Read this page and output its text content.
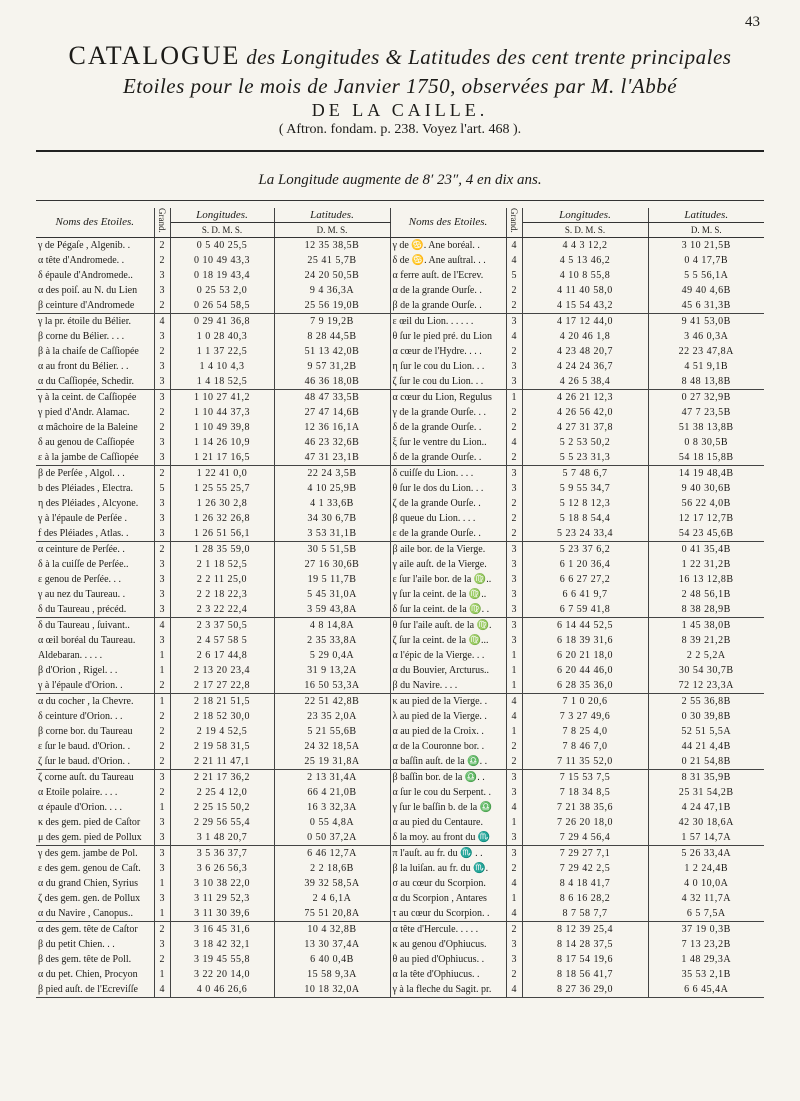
43
CATALOGUE des Longitudes & Latitudes des cent trente principales
Etoiles pour le mois de Janvier 1750, observées par M. l'Abbé
DE LA CAILLE.
( Aftron. fondam. p. 238. Voyez l'art. 468 ).
La Longitude augmente de 8′ 23″, 4 en dix ans.
Noms des Etoiles.	Grand.	Longitudes.	Latitudes.	Noms des Etoiles.	Grand.	Longitudes.	Latitudes.
		S. D. M. S.	D. M. S.			S. D. M. S.	D. M. S.
γ de Pégaſe , Algenib. .	2	0 5 40 25,5	12 35 38,5B	γ de ♋. Ane boréal. .	4	4 4 3 12,2	3 10 21,5B
α tête d'Andromede. .	2	0 10 49 43,3	25 41 5,7B	δ de ♋. Ane auſtral. . .	4	4 5 13 46,2	0 4 17,7B
δ épaule d'Andromede..	3	0 18 19 43,4	24 20 50,5B	α ferre auſt. de l'Ecrev.	5	4 10 8 55,8	5 5 56,1A
α des poiſ. au N. du Lien	3	0 25 53 2,0	9 4 36,3A	α de la grande Ourſe. .	2	4 11 40 58,0	49 40 4,6B
β ceinture d'Andromede	2	0 26 54 58,5	25 56 19,0B	β de la grande Ourſe. .	2	4 15 54 43,2	45 6 31,3B
γ la pr. étoile du Bélier.	4	0 29 41 36,8	7 9 19,2B	ε œil du Lion. . . . . .	3	4 17 12 44,0	9 41 53,0B
β corne du Bélier. . . .	3	1 0 28 40,3	8 28 44,5B	θ ſur le pied pré. du Lion	4	4 20 46 1,8	3 46 0,3A
β à la chaiſe de Caſſiopée	2	1 1 37 22,5	51 13 42,0B	α cœur de l'Hydre. . . .	2	4 23 48 20,7	22 23 47,8A
α au front du Bélier. . .	3	1 4 10 4,3	9 57 31,2B	η ſur le cou du Lion. . .	3	4 24 24 36,7	4 51 9,1B
α du Caſſiopée, Schedir.	3	1 4 18 52,5	46 36 18,0B	ζ ſur le cou du Lion. . .	3	4 26 5 38,4	8 48 13,8B
γ à la ceint. de Caſſiopée	3	1 10 27 41,2	48 47 33,5B	α cœur du Lion, Regulus	1	4 26 21 12,3	0 27 32,9B
γ pied d'Andr. Alamac.	2	1 10 44 37,3	27 47 14,6B	γ de la grande Ourſe. . .	2	4 26 56 42,0	47 7 23,5B
α mâchoire de la Baleine	2	1 10 49 39,8	12 36 16,1A	δ de la grande Ourſe. .	2	4 27 31 37,8	51 38 13,8B
δ au genou de Caſſiopée	3	1 14 26 10,9	46 23 32,6B	ξ ſur le ventre du Lion..	4	5 2 53 50,2	0 8 30,5B
ε à la jambe de Caſſiopée	3	1 21 17 16,5	47 31 23,1B	δ de la grande Ourſe. .	2	5 5 23 31,3	54 18 15,8B
β de Perſée , Algol. . .	2	1 22 41 0,0	22 24 3,5B	δ cuiſſe du Lion. . . .	3	5 7 48 6,7	14 19 48,4B
b des Pléiades , Electra.	5	1 25 55 25,7	4 10 25,9B	θ ſur le dos du Lion. . .	3	5 9 55 34,7	9 40 30,6B
η des Pléiades , Alcyone.	3	1 26 30 2,8	4 1 33,6B	ζ de la grande Ourſe. .	2	5 12 8 12,3	56 22 4,0B
γ à l'épaule de Perſée .	3	1 26 32 26,8	34 30 6,7B	β queue du Lion. . . .	2	5 18 8 54,4	12 17 12,7B
f des Pléiades , Atlas. .	3	1 26 51 56,1	3 53 31,1B	ε de la grande Ourſe. .	2	5 23 24 33,4	54 23 45,6B
α ceinture de Perſée. .	2	1 28 35 59,0	30 5 51,5B	β aile bor. de la Vierge.	3	5 23 37 6,2	0 41 35,4B
δ à la cuiſſe de Perſée..	3	2 1 18 52,5	27 16 30,6B	γ aile auſt. de la Vierge.	3	6 1 20 36,4	1 22 31,2B
ε genou de Perſée. . .	3	2 2 11 25,0	19 5 11,7B	ε ſur l'aile bor. de la ♍..	3	6 6 27 27,2	16 13 12,8B
γ au nez du Taureau. .	3	2 2 18 22,3	5 45 31,0A	γ ſur la ceint. de la ♍..	3	6 6 41 9,7	2 48 56,1B
δ du Taureau , précéd.	3	2 3 22 22,4	3 59 43,8A	δ ſur la ceint. de la ♍. .	3	6 7 59 41,8	8 38 28,9B
δ du Taureau , ſuivant..	4	2 3 37 50,5	4 8 14,8A	θ ſur l'aile auſt. de la ♍.	3	6 14 44 52,5	1 45 38,0B
α œil boréal du Taureau.	3	2 4 57 58 5	2 35 33,8A	ζ ſur la ceint. de la ♍...	3	6 18 39 31,6	8 39 21,2B
Aldebaran. . . . .	1	2 6 17 44,8	5 29 0,4A	α l'épic de la Vierge. . .	1	6 20 21 18,0	2 2 5,2A
β d'Orion , Rigel. . .	1	2 13 20 23,4	31 9 13,2A	α du Bouvier, Arcturus..	1	6 20 44 46,0	30 54 30,7B
γ à l'épaule d'Orion. .	2	2 17 27 22,8	16 50 53,3A	β du Navire. . . .	1	6 28 35 36,0	72 12 23,3A
α du cocher , la Chevre.	1	2 18 21 51,5	22 51 42,8B	κ au pied de la Vierge. .	4	7 1 0 20,6	2 55 36,8B
δ ceinture d'Orion. . .	2	2 18 52 30,0	23 35 2,0A	λ au pied de la Vierge. .	4	7 3 27 49,6	0 30 39,8B
β corne bor. du Taureau	2	2 19 4 52,5	5 21 55,6B	α au pied de la Croix. .	1	7 8 25 4,0	52 51 5,5A
ε ſur le baud. d'Orion. .	2	2 19 58 31,5	24 32 18,5A	α de la Couronne bor. .	2	7 8 46 7,0	44 21 4,4B
ζ ſur le baud. d'Orion. .	2	2 21 11 47,1	25 19 31,8A	α baſſin auſt. de la ♎. .	2	7 11 35 52,0	0 21 54,8B
ζ corne auſt. du Taureau	3	2 21 17 36,2	2 13 31,4A	β baſſin bor. de la ♎. .	3	7 15 53 7,5	8 31 35,9B
α Etoile polaire. . . .	2	2 25 4 12,0	66 4 21,0B	α ſur le cou du Serpent. .	3	7 18 34 8,5	25 31 54,2B
α épaule d'Orion. . . .	1	2 25 15 50,2	16 3 32,3A	γ ſur le baſſin b. de la ♎	4	7 21 38 35,6	4 24 47,1B
κ des gem. pied de Caſtor	3	2 29 56 55,4	0 55 4,8A	α au pied du Centaure.	1	7 26 20 18,0	42 30 18,6A
μ des gem. pied de Pollux	3	3 1 48 20,7	0 50 37,2A	δ la moy. au front du ♏	3	7 29 4 56,4	1 57 14,7A
γ des gem. jambe de Pol.	3	3 5 36 37,7	6 46 12,7A	π l'auſt. au fr. du ♏ . .	3	7 29 27 7,1	5 26 33,4A
ε des gem. genou de Caſt.	3	3 6 26 56,3	2 2 18,6B	β la luiſan. au fr. du ♏.	2	7 29 42 2,5	1 2 24,4B
α du grand Chien, Syrius	1	3 10 38 22,0	39 32 58,5A	σ au cœur du Scorpion.	4	8 4 18 41,7	4 0 10,0A
ζ des gem. gen. de Pollux	3	3 11 29 52,3	2 4 6,1A	α du Scorpion , Antares	1	8 6 16 28,2	4 32 11,7A
α du Navire , Canopus..	1	3 11 30 39,6	75 51 20,8A	τ au cœur du Scorpion. .	4	8 7 58 7,7	6 5 7,5A
α des gem. tête de Caſtor	2	3 16 45 31,6	10 4 32,8B	α tête d'Hercule. . . . .	2	8 12 39 25,4	37 19 0,3B
β du petit Chien. . .	3	3 18 42 32,1	13 30 37,4A	κ au genou d'Ophiucus.	3	8 14 28 37,5	7 13 23,2B
β des gem. tête de Poll.	2	3 19 45 55,8	6 40 0,4B	θ au pied d'Ophiucus. .	3	8 17 54 19,6	1 48 29,3A
α du pet. Chien, Procyon	1	3 22 20 14,0	15 58 9,3A	α la tête d'Ophiucus. .	2	8 18 56 41,7	35 53 2,1B
β pied auſt. de l'Ecreviſſe	4	4 0 46 26,6	10 18 32,0A	γ à la fleche du Sagit. pr.	4	8 27 36 29,0	6 6 45,4A
